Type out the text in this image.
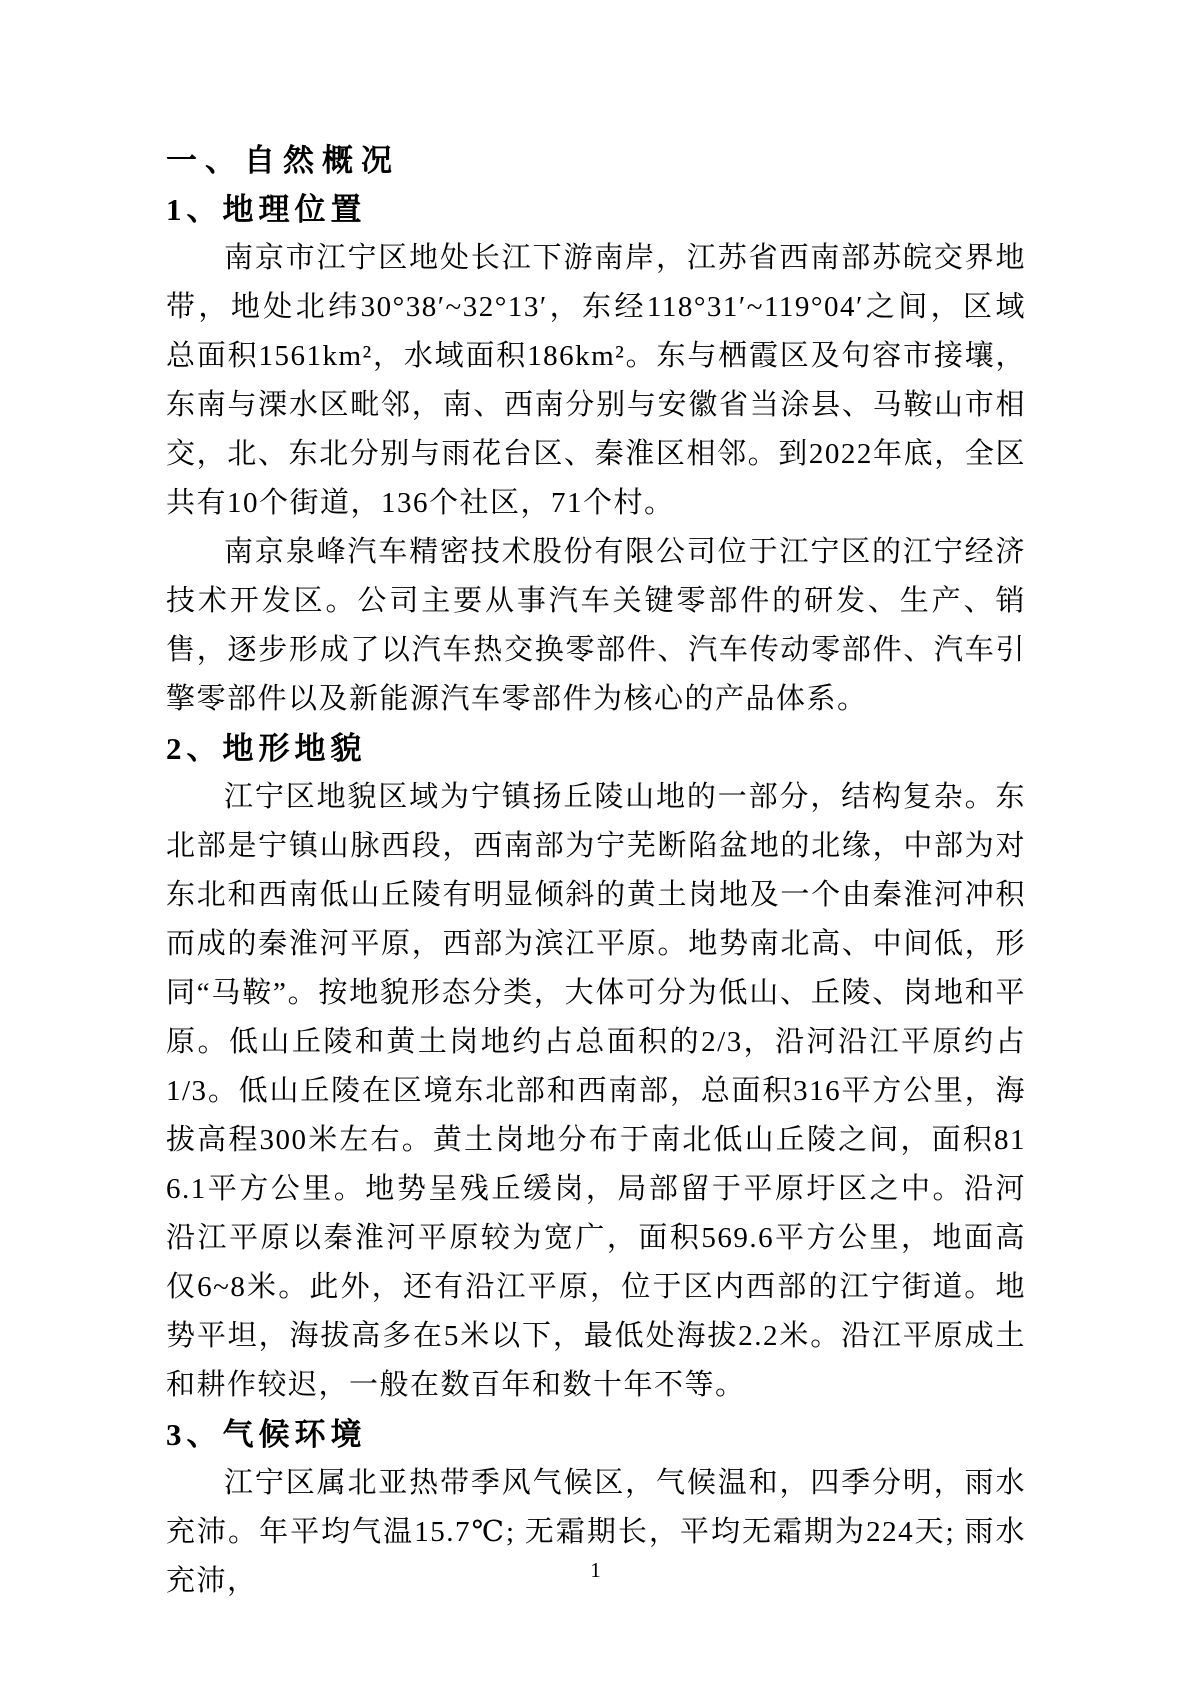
一、自然概况
1、地理位置

南京市江宁区地处长江下游南岸，江苏省西南部苏皖交界地带，地处北纬30°38′~32°13′，东经118°31′~119°04′之间，区域总面积1561km²，水域面积186km²。东与栖霞区及句容市接壤，东南与溧水区毗邻，南、西南分别与安徽省当涂县、马鞍山市相交，北、东北分别与雨花台区、秦淮区相邻。到2022年底，全区共有10个街道，136个社区，71个村。

南京泉峰汽车精密技术股份有限公司位于江宁区的江宁经济技术开发区。公司主要从事汽车关键零部件的研发、生产、销售，逐步形成了以汽车热交换零部件、汽车传动零部件、汽车引擎零部件以及新能源汽车零部件为核心的产品体系。

2、地形地貌

江宁区地貌区域为宁镇扬丘陵山地的一部分，结构复杂。东北部是宁镇山脉西段，西南部为宁芜断陷盆地的北缘，中部为对东北和西南低山丘陵有明显倾斜的黄土岗地及一个由秦淮河冲积而成的秦淮河平原，西部为滨江平原。地势南北高、中间低，形同“马鞍”。按地貌形态分类，大体可分为低山、丘陵、岗地和平原。低山丘陵和黄土岗地约占总面积的2/3，沿河沿江平原约占1/3。低山丘陵在区境东北部和西南部，总面积316平方公里，海拔高程300米左右。黄土岗地分布于南北低山丘陵之间，面积816.1平方公里。地势呈残丘缓岗，局部留于平原圩区之中。沿河沿江平原以秦淮河平原较为宽广，面积569.6平方公里，地面高仅6~8米。此外，还有沿江平原，位于区内西部的江宁街道。地势平坦，海拔高多在5米以下，最低处海拔2.2米。沿江平原成土和耕作较迟，一般在数百年和数十年不等。

3、气候环境

江宁区属北亚热带季风气候区，气候温和，四季分明，雨水充沛。年平均气温15.7℃; 无霜期长，平均无霜期为224天; 雨水充沛，	1
